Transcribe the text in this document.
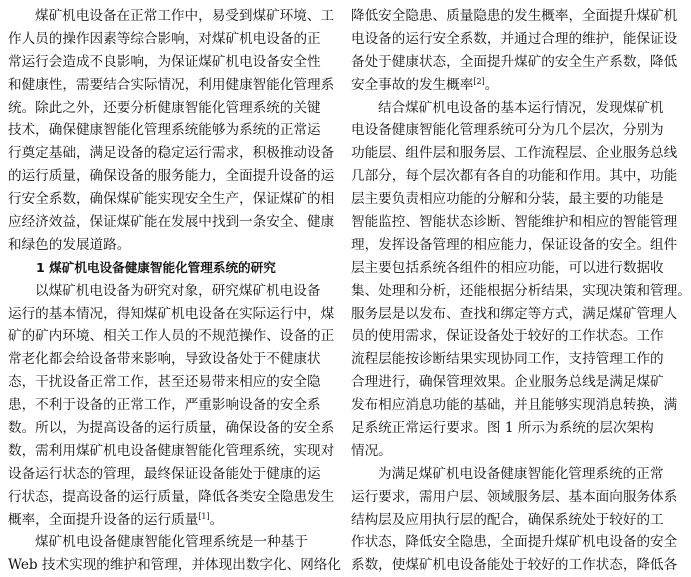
煤矿机电设备在正常工作中，易受到煤矿环境、工
作人员的操作因素等综合影响，对煤矿机电设备的正
常运行会造成不良影响，为保证煤矿机电设备安全性
和健康性，需要结合实际情况，利用健康智能化管理系
统。除此之外，还要分析健康智能化管理系统的关键
技术，确保健康智能化管理系统能够为系统的正常运
行奠定基础，满足设备的稳定运行需求，积极推动设备
的运行质量，确保设备的服务能力，全面提升设备的运
行安全系数，确保煤矿能实现安全生产，保证煤矿的相
应经济效益，保证煤矿能在发展中找到一条安全、健康
和绿色的发展道路。
1 煤矿机电设备健康智能化管理系统的研究
以煤矿机电设备为研究对象，研究煤矿机电设备
运行的基本情况，得知煤矿机电设备在实际运行中，煤
矿的矿内环境、相关工作人员的不规范操作、设备的正
常老化都会给设备带来影响，导致设备处于不健康状
态，干扰设备正常工作，甚至还易带来相应的安全隐
患，不利于设备的正常工作，严重影响设备的安全系
数。所以，为提高设备的运行质量，确保设备的安全系
数，需利用煤矿机电设备健康智能化管理系统，实现对
设备运行状态的管理，最终保证设备能处于健康的运
行状态，提高设备的运行质量，降低各类安全隐患发生
概率，全面提升设备的运行质量[1]。
煤矿机电设备健康智能化管理系统是一种基于
Web 技术实现的维护和管理，并体现出数字化、网络化
降低安全隐患、质量隐患的发生概率，全面提升煤矿机
电设备的运行安全系数，并通过合理的维护，能保证设
备处于健康状态，全面提升煤矿的安全生产系数，降低
安全事故的发生概率[2]。
结合煤矿机电设备的基本运行情况，发现煤矿机
电设备健康智能化管理系统可分为几个层次，分别为
功能层、组件层和服务层、工作流程层、企业服务总线
几部分，每个层次都有各自的功能和作用。其中，功能
层主要负责相应功能的分解和分装，最主要的功能是
智能监控、智能状态诊断、智能维护和相应的智能管理
理，发挥设备管理的相应能力，保证设备的安全。组件
层主要包括系统各组件的相应功能，可以进行数据收
集、处理和分析，还能根据分析结果，实现决策和管理。
服务层是以发布、查找和绑定等方式，满足煤矿管理人
员的使用需求，保证设备处于较好的工作状态。工作
流程层能按诊断结果实现协同工作，支持管理工作的
合理进行，确保管理效果。企业服务总线是满足煤矿
发布相应消息功能的基础，并且能够实现消息转换，满
足系统正常运行要求。图 1 所示为系统的层次架构
情况。
为满足煤矿机电设备健康智能化管理系统的正常
运行要求，需用户层、领域服务层、基本面向服务体系
结构层及应用执行层的配合，确保系统处于较好的工
作状态，降低安全隐患，全面提升煤矿机电设备的安全
系数，使煤矿机电设备能处于较好的工作状态，降低各
